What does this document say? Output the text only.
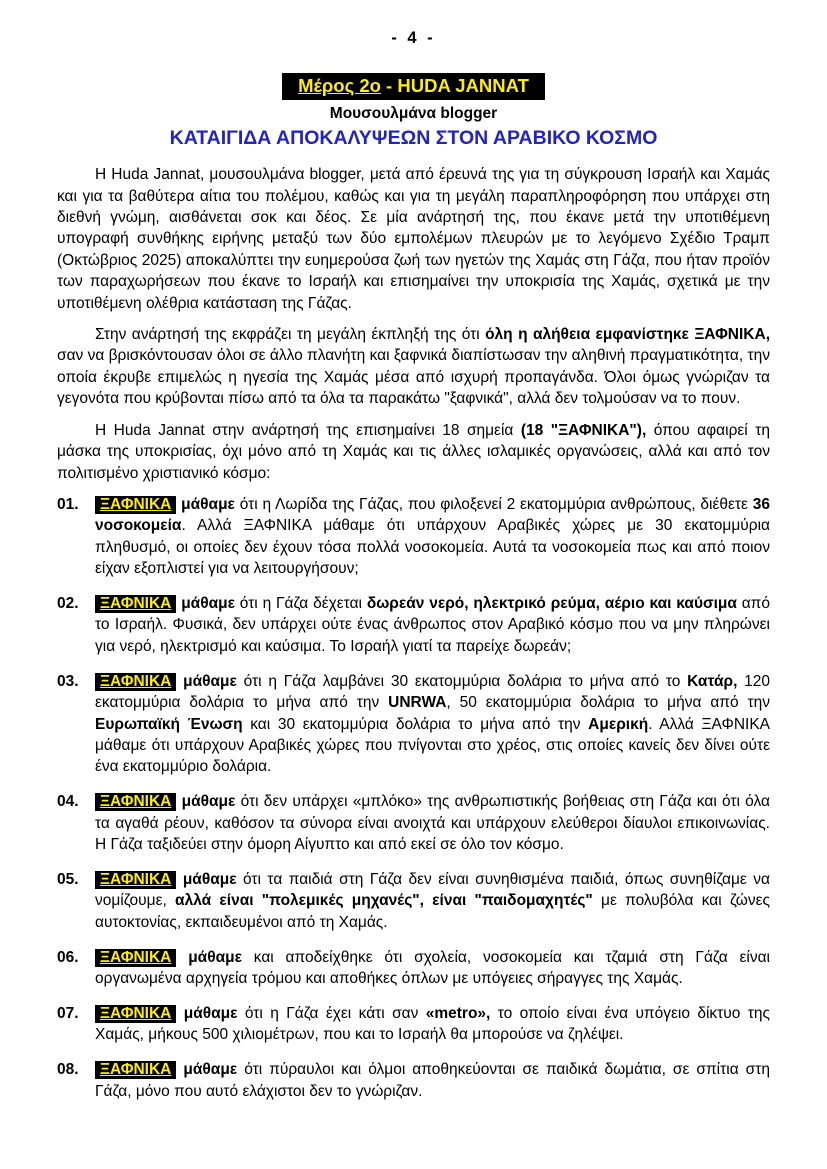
- 4 -
Μέρος 2ο - HUDA JANNAT
Μουσουλμάνα blogger
ΚΑΤΑΙΓΙΔΑ ΑΠΟΚΑΛΥΨΕΩΝ ΣΤΟΝ ΑΡΑΒΙΚΟ ΚΟΣΜΟ

Η Huda Jannat, μουσουλμάνα blogger, μετά από έρευνά της για τη σύγκρουση Ισραήλ και Χαμάς και για τα βαθύτερα αίτια του πολέμου, καθώς και για τη μεγάλη παραπληροφόρηση που υπάρχει στη διεθνή γνώμη, αισθάνεται σοκ και δέος. Σε μία ανάρτησή της, που έκανε μετά την υποτιθέμενη υπογραφή συνθήκης ειρήνης μεταξύ των δύο εμπολέμων πλευρών με το λεγόμενο Σχέδιο Τραμπ (Οκτώβριος 2025) αποκαλύπτει την ευημερούσα ζωή των ηγετών της Χαμάς στη Γάζα, που ήταν προϊόν των παραχωρήσεων που έκανε το Ισραήλ και επισημαίνει την υποκρισία της Χαμάς, σχετικά με την υποτιθέμενη ολέθρια κατάσταση της Γάζας.

Στην ανάρτησή της εκφράζει τη μεγάλη έκπληξή της ότι όλη η αλήθεια εμφανίστηκε ΞΑΦΝΙΚΑ, σαν να βρισκόντουσαν όλοι σε άλλο πλανήτη και ξαφνικά διαπίστωσαν την αληθινή πραγματικότητα, την οποία έκρυβε επιμελώς η ηγεσία της Χαμάς μέσα από ισχυρή προπαγάνδα. Όλοι όμως γνώριζαν τα γεγονότα που κρύβονται πίσω από τα όλα τα παρακάτω "ξαφνικά", αλλά δεν τολμούσαν να το πουν.

Η Huda Jannat στην ανάρτησή της επισημαίνει 18 σημεία (18 "ΞΑΦΝΙΚΑ"), όπου αφαιρεί τη μάσκα της υποκρισίας, όχι μόνο από τη Χαμάς και τις άλλες ισλαμικές οργανώσεις, αλλά και από τον πολιτισμένο χριστιανικό κόσμο:

01. ΞΑΦΝΙΚΑ μάθαμε ότι η Λωρίδα της Γάζας, που φιλοξενεί 2 εκατομμύρια ανθρώπους, διέθετε 36 νοσοκομεία. Αλλά ΞΑΦΝΙΚΑ μάθαμε ότι υπάρχουν Αραβικές χώρες με 30 εκατομμύρια πληθυσμό, οι οποίες δεν έχουν τόσα πολλά νοσοκομεία. Αυτά τα νοσοκομεία πως και από ποιον είχαν εξοπλιστεί για να λειτουργήσουν;
02. ΞΑΦΝΙΚΑ μάθαμε ότι η Γάζα δέχεται δωρεάν νερό, ηλεκτρικό ρεύμα, αέριο και καύσιμα από το Ισραήλ. Φυσικά, δεν υπάρχει ούτε ένας άνθρωπος στον Αραβικό κόσμο που να μην πληρώνει για νερό, ηλεκτρισμό και καύσιμα. Το Ισραήλ γιατί τα παρείχε δωρεάν;
03. ΞΑΦΝΙΚΑ μάθαμε ότι η Γάζα λαμβάνει 30 εκατομμύρια δολάρια το μήνα από το Κατάρ, 120 εκατομμύρια δολάρια το μήνα από την UNRWA, 50 εκατομμύρια δολάρια το μήνα από την Ευρωπαϊκή Ένωση και 30 εκατομμύρια δολάρια το μήνα από την Αμερική. Αλλά ΞΑΦΝΙΚΑ μάθαμε ότι υπάρχουν Αραβικές χώρες που πνίγονται στο χρέος, στις οποίες κανείς δεν δίνει ούτε ένα εκατομμύριο δολάρια.
04. ΞΑΦΝΙΚΑ μάθαμε ότι δεν υπάρχει «μπλόκο» της ανθρωπιστικής βοήθειας στη Γάζα και ότι όλα τα αγαθά ρέουν, καθόσον τα σύνορα είναι ανοιχτά και υπάρχουν ελεύθεροι δίαυλοι επικοινωνίας. Η Γάζα ταξιδεύει στην όμορη Αίγυπτο και από εκεί σε όλο τον κόσμο.
05. ΞΑΦΝΙΚΑ μάθαμε ότι τα παιδιά στη Γάζα δεν είναι συνηθισμένα παιδιά, όπως συνηθίζαμε να νομίζουμε, αλλά είναι "πολεμικές μηχανές", είναι "παιδομαχητές" με πολυβόλα και ζώνες αυτοκτονίας, εκπαιδευμένοι από τη Χαμάς.
06. ΞΑΦΝΙΚΑ μάθαμε και αποδείχθηκε ότι σχολεία, νοσοκομεία και τζαμιά στη Γάζα είναι οργανωμένα αρχηγεία τρόμου και αποθήκες όπλων με υπόγειες σήραγγες της Χαμάς.
07. ΞΑΦΝΙΚΑ μάθαμε ότι η Γάζα έχει κάτι σαν «metro», το οποίο είναι ένα υπόγειο δίκτυο της Χαμάς, μήκους 500 χιλιομέτρων, που και το Ισραήλ θα μπορούσε να ζηλέψει.
08. ΞΑΦΝΙΚΑ μάθαμε ότι πύραυλοι και όλμοι αποθηκεύονται σε παιδικά δωμάτια, σε σπίτια στη Γάζα, μόνο που αυτό ελάχιστοι δεν το γνώριζαν.
